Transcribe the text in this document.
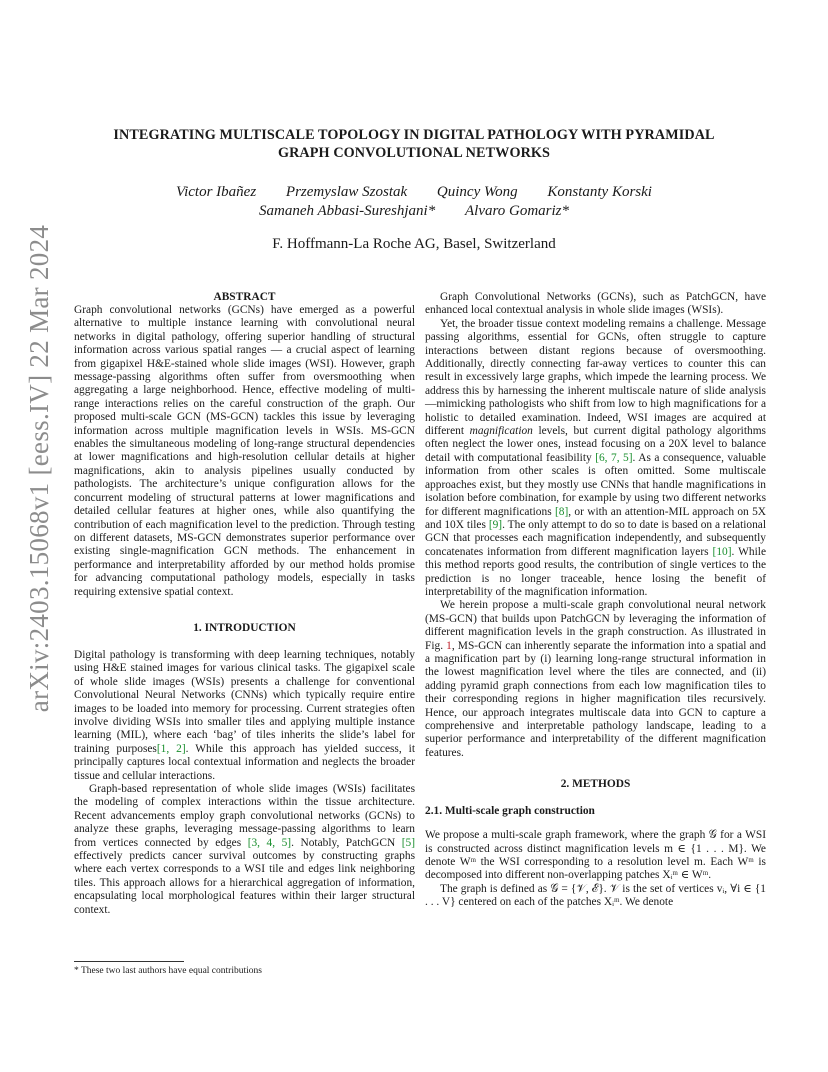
arXiv:2403.15068v1 [eess.IV] 22 Mar 2024
INTEGRATING MULTISCALE TOPOLOGY IN DIGITAL PATHOLOGY WITH PYRAMIDAL
GRAPH CONVOLUTIONAL NETWORKS
Victor Ibañez Przemyslaw Szostak Quincy Wong Konstanty Korski
Samaneh Abbasi-Sureshjani* Alvaro Gomariz*
F. Hoffmann-La Roche AG, Basel, Switzerland
ABSTRACT

Graph convolutional networks (GCNs) have emerged as a powerful alternative to multiple instance learning with convolutional neural networks in digital pathology, offering superior handling of structural information across various spatial ranges — a crucial aspect of learning from gigapixel H&E-stained whole slide images (WSI). However, graph message-passing algorithms often suffer from oversmoothing when aggregating a large neighborhood. Hence, effective modeling of multi-range interactions relies on the careful construction of the graph. Our proposed multi-scale GCN (MS-GCN) tackles this issue by leveraging information across multiple magnification levels in WSIs. MS-GCN enables the simultaneous modeling of long-range structural dependencies at lower magnifications and high-resolution cellular details at higher magnifications, akin to analysis pipelines usually conducted by pathologists. The architecture’s unique configuration allows for the concurrent modeling of structural patterns at lower magnifications and detailed cellular features at higher ones, while also quantifying the contribution of each magnification level to the prediction. Through testing on different datasets, MS-GCN demonstrates superior performance over existing single-magnification GCN methods. The enhancement in performance and interpretability afforded by our method holds promise for advancing computational pathology models, especially in tasks requiring extensive spatial context.

1. INTRODUCTION

Digital pathology is transforming with deep learning techniques, notably using H&E stained images for various clinical tasks. The gigapixel scale of whole slide images (WSIs) presents a challenge for conventional Convolutional Neural Networks (CNNs) which typically require entire images to be loaded into memory for processing. Current strategies often involve dividing WSIs into smaller tiles and applying multiple instance learning (MIL), where each ‘bag’ of tiles inherits the slide’s label for training purposes[1, 2]. While this approach has yielded success, it principally captures local contextual information and neglects the broader tissue and cellular interactions.

Graph-based representation of whole slide images (WSIs) facilitates the modeling of complex interactions within the tissue architecture. Recent advancements employ graph convolutional networks (GCNs) to analyze these graphs, leveraging message-passing algorithms to learn from vertices connected by edges [3, 4, 5]. Notably, PatchGCN [5] effectively predicts cancer survival outcomes by constructing graphs where each vertex corresponds to a WSI tile and edges link neighboring tiles. This approach allows for a hierarchical aggregation of information, encapsulating local morphological features within their larger structural context.

* These two last authors have equal contributions

Graph Convolutional Networks (GCNs), such as PatchGCN, have enhanced local contextual analysis in whole slide images (WSIs).

Yet, the broader tissue context modeling remains a challenge. Message passing algorithms, essential for GCNs, often struggle to capture interactions between distant regions because of oversmoothing. Additionally, directly connecting far-away vertices to counter this can result in excessively large graphs, which impede the learning process. We address this by harnessing the inherent multiscale nature of slide analysis—mimicking pathologists who shift from low to high magnifications for a holistic to detailed examination. Indeed, WSI images are acquired at different magnification levels, but current digital pathology algorithms often neglect the lower ones, instead focusing on a 20X level to balance detail with computational feasibility [6, 7, 5]. As a consequence, valuable information from other scales is often omitted. Some multiscale approaches exist, but they mostly use CNNs that handle magnifications in isolation before combination, for example by using two different networks for different magnifications [8], or with an attention-MIL approach on 5X and 10X tiles [9]. The only attempt to do so to date is based on a relational GCN that processes each magnification independently, and subsequently concatenates information from different magnification layers [10]. While this method reports good results, the contribution of single vertices to the prediction is no longer traceable, hence losing the benefit of interpretability of the magnification information.

We herein propose a multi-scale graph convolutional neural network (MS-GCN) that builds upon PatchGCN by leveraging the information of different magnification levels in the graph construction. As illustrated in Fig. 1, MS-GCN can inherently separate the information into a spatial and a magnification part by (i) learning long-range structural information in the lowest magnification level where the tiles are connected, and (ii) adding pyramid graph connections from each low magnification tiles to their corresponding regions in higher magnification tiles recursively. Hence, our approach integrates multiscale data into GCN to capture a comprehensive and interpretable pathology landscape, leading to a superior performance and interpretability of the different magnification features.

2. METHODS
2.1. Multi-scale graph construction

We propose a multi-scale graph framework, where the graph 𝒢 for a WSI is constructed across distinct magnification levels m ∈ {1 . . . M}. We denote Wᵐ the WSI corresponding to a resolution level m. Each Wᵐ is decomposed into different non-overlapping patches Xᵢᵐ ∈ Wᵐ.

The graph is defined as 𝒢 = {𝒱, ℰ}. 𝒱 is the set of vertices vᵢ, ∀i ∈ {1 . . . V} centered on each of the patches Xᵢᵐ. We denote
